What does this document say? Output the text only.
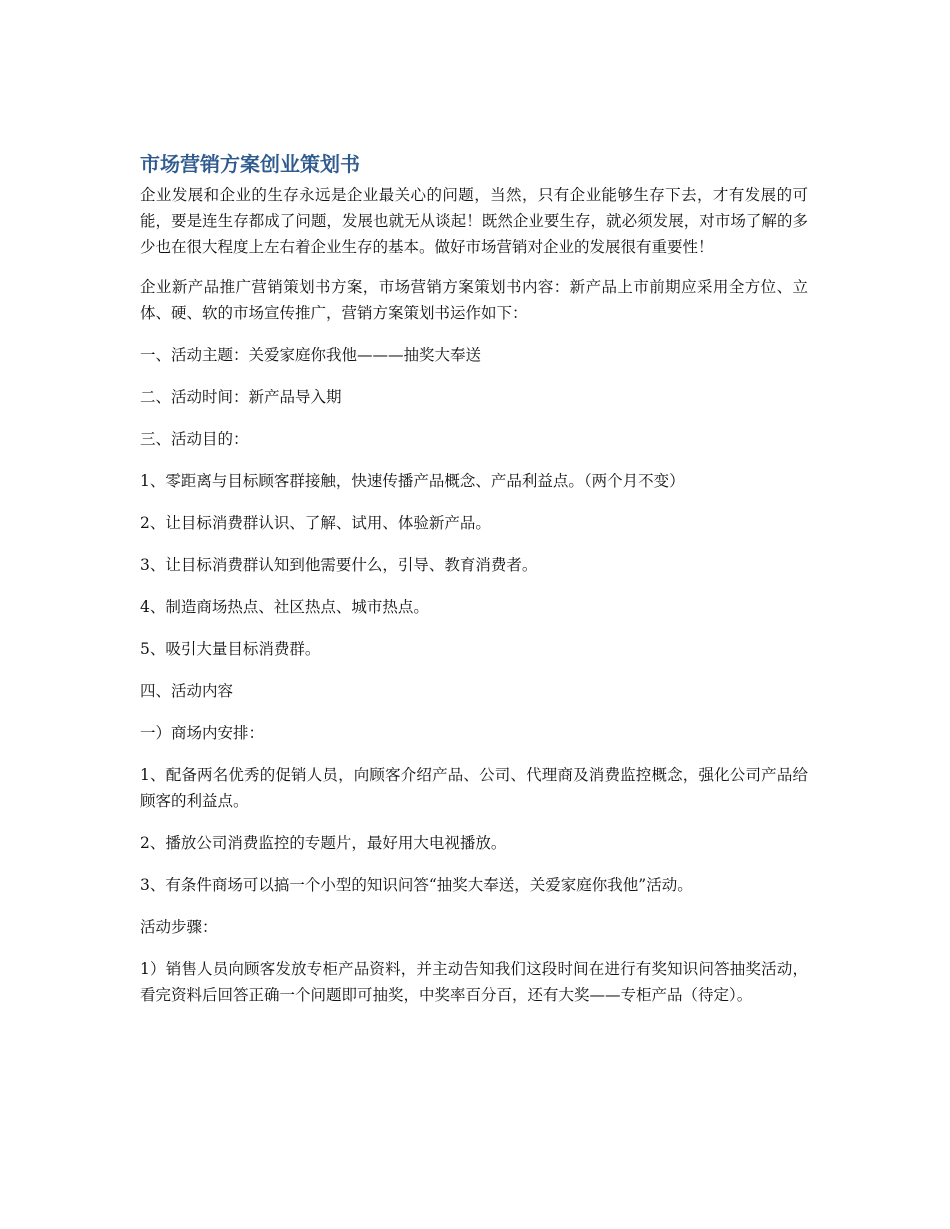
市场营销方案创业策划书

企业发展和企业的生存永远是企业最关心的问题，当然，只有企业能够生存下去，才有发展的可能，要是连生存都成了问题，发展也就无从谈起！既然企业要生存，就必须发展，对市场了解的多少也在很大程度上左右着企业生存的基本。做好市场营销对企业的发展很有重要性！

企业新产品推广营销策划书方案，市场营销方案策划书内容：新产品上市前期应采用全方位、立体、硬、软的市场宣传推广，营销方案策划书运作如下：

一、活动主题：关爱家庭你我他———抽奖大奉送

二、活动时间：新产品导入期

三、活动目的：

1、零距离与目标顾客群接触，快速传播产品概念、产品利益点。（两个月不变）

2、让目标消费群认识、了解、试用、体验新产品。

3、让目标消费群认知到他需要什么，引导、教育消费者。

4、制造商场热点、社区热点、城市热点。

5、吸引大量目标消费群。

四、活动内容

一）商场内安排：

1、配备两名优秀的促销人员，向顾客介绍产品、公司、代理商及消费监控概念，强化公司产品给顾客的利益点。

2、播放公司消费监控的专题片，最好用大电视播放。

3、有条件商场可以搞一个小型的知识问答“抽奖大奉送，关爱家庭你我他”活动。

活动步骤：

1）销售人员向顾客发放专柜产品资料，并主动告知我们这段时间在进行有奖知识问答抽奖活动，看完资料后回答正确一个问题即可抽奖，中奖率百分百，还有大奖——专柜产品（待定）。
